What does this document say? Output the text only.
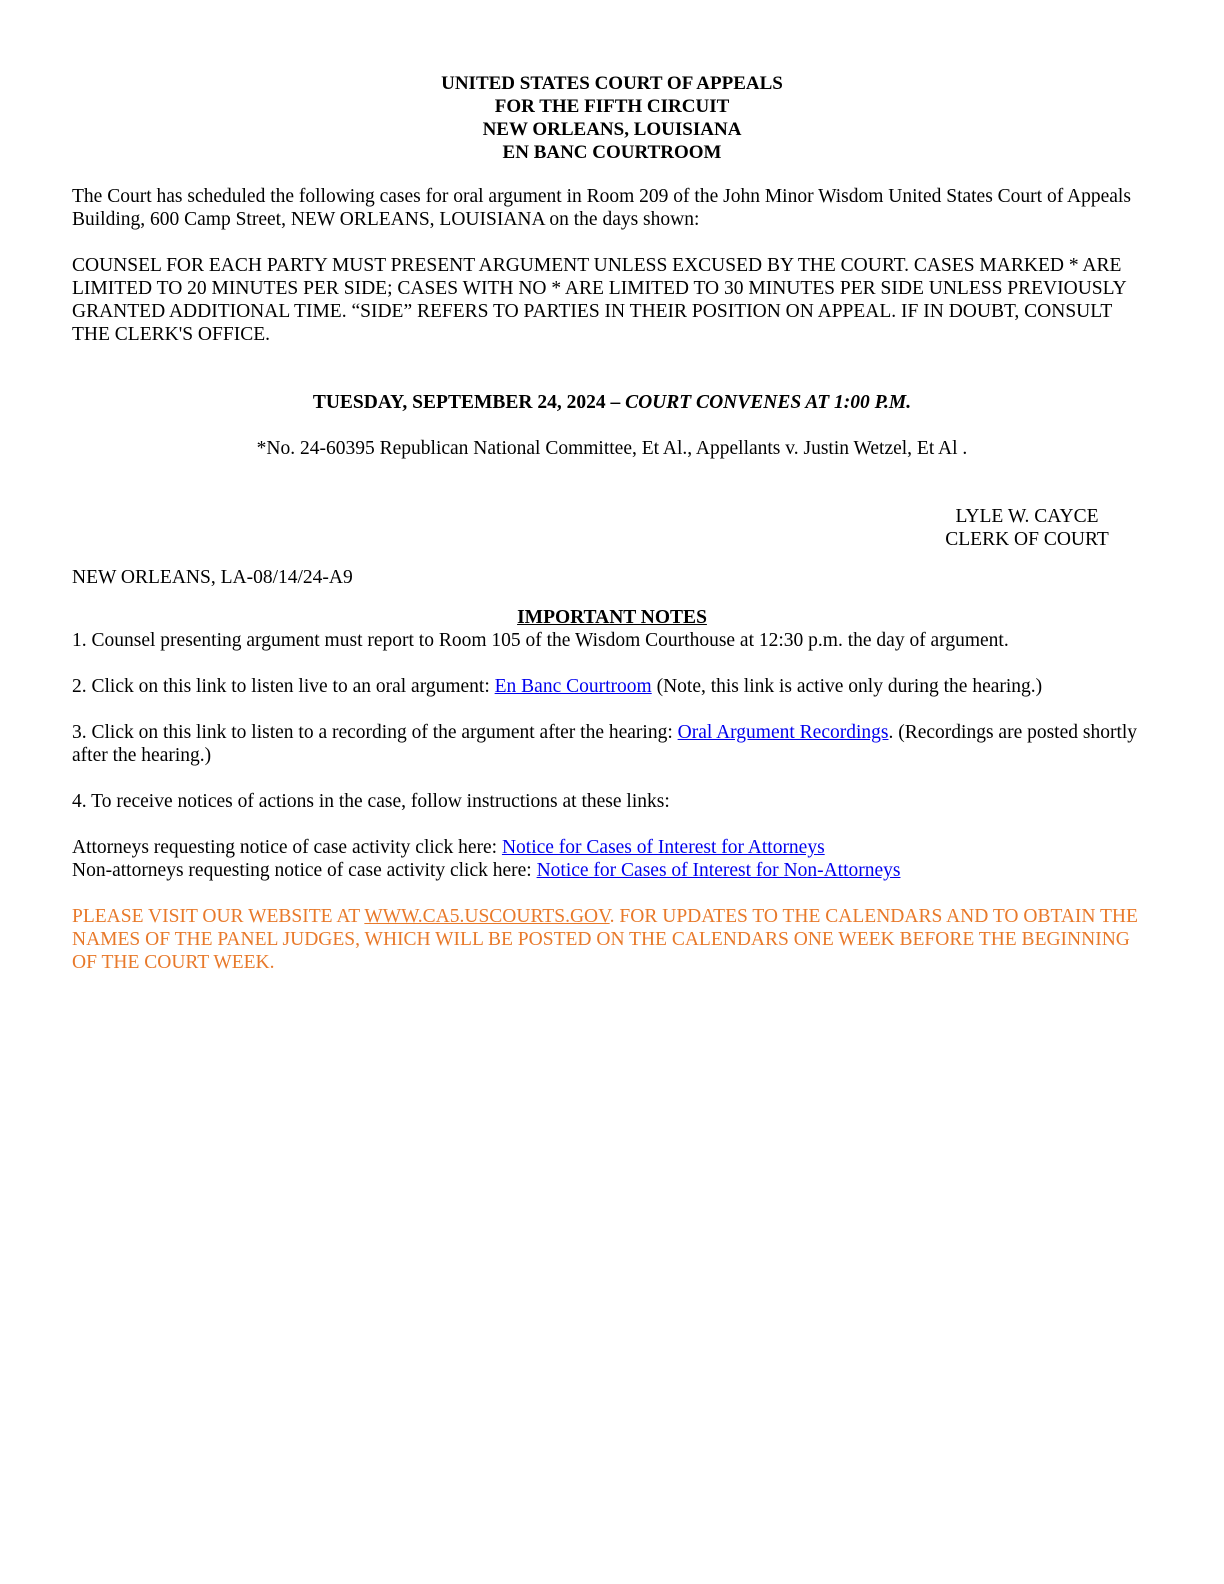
UNITED STATES COURT OF APPEALS
FOR THE FIFTH CIRCUIT
NEW ORLEANS, LOUISIANA
EN BANC COURTROOM

The Court has scheduled the following cases for oral argument in Room 209 of the John Minor Wisdom United States Court of Appeals Building, 600 Camp Street, NEW ORLEANS, LOUISIANA on the days shown:

COUNSEL FOR EACH PARTY MUST PRESENT ARGUMENT UNLESS EXCUSED BY THE COURT. CASES MARKED * ARE LIMITED TO 20 MINUTES PER SIDE; CASES WITH NO * ARE LIMITED TO 30 MINUTES PER SIDE UNLESS PREVIOUSLY GRANTED ADDITIONAL TIME. “SIDE” REFERS TO PARTIES IN THEIR POSITION ON APPEAL. IF IN DOUBT, CONSULT THE CLERK'S OFFICE.

TUESDAY, SEPTEMBER 24, 2024 – COURT CONVENES AT 1:00 P.M.

*No. 24-60395 Republican National Committee, Et Al., Appellants v. Justin Wetzel, Et Al .

LYLE W. CAYCE
CLERK OF COURT

NEW ORLEANS, LA-08/14/24-A9

IMPORTANT NOTES

1. Counsel presenting argument must report to Room 105 of the Wisdom Courthouse at 12:30 p.m. the day of argument.

2. Click on this link to listen live to an oral argument: En Banc Courtroom (Note, this link is active only during the hearing.)

3. Click on this link to listen to a recording of the argument after the hearing: Oral Argument Recordings. (Recordings are posted shortly after the hearing.)

4. To receive notices of actions in the case, follow instructions at these links:

Attorneys requesting notice of case activity click here: Notice for Cases of Interest for Attorneys

Non-attorneys requesting notice of case activity click here: Notice for Cases of Interest for Non-Attorneys

PLEASE VISIT OUR WEBSITE AT WWW.CA5.USCOURTS.GOV. FOR UPDATES TO THE CALENDARS AND TO OBTAIN THE NAMES OF THE PANEL JUDGES, WHICH WILL BE POSTED ON THE CALENDARS ONE WEEK BEFORE THE BEGINNING OF THE COURT WEEK.
